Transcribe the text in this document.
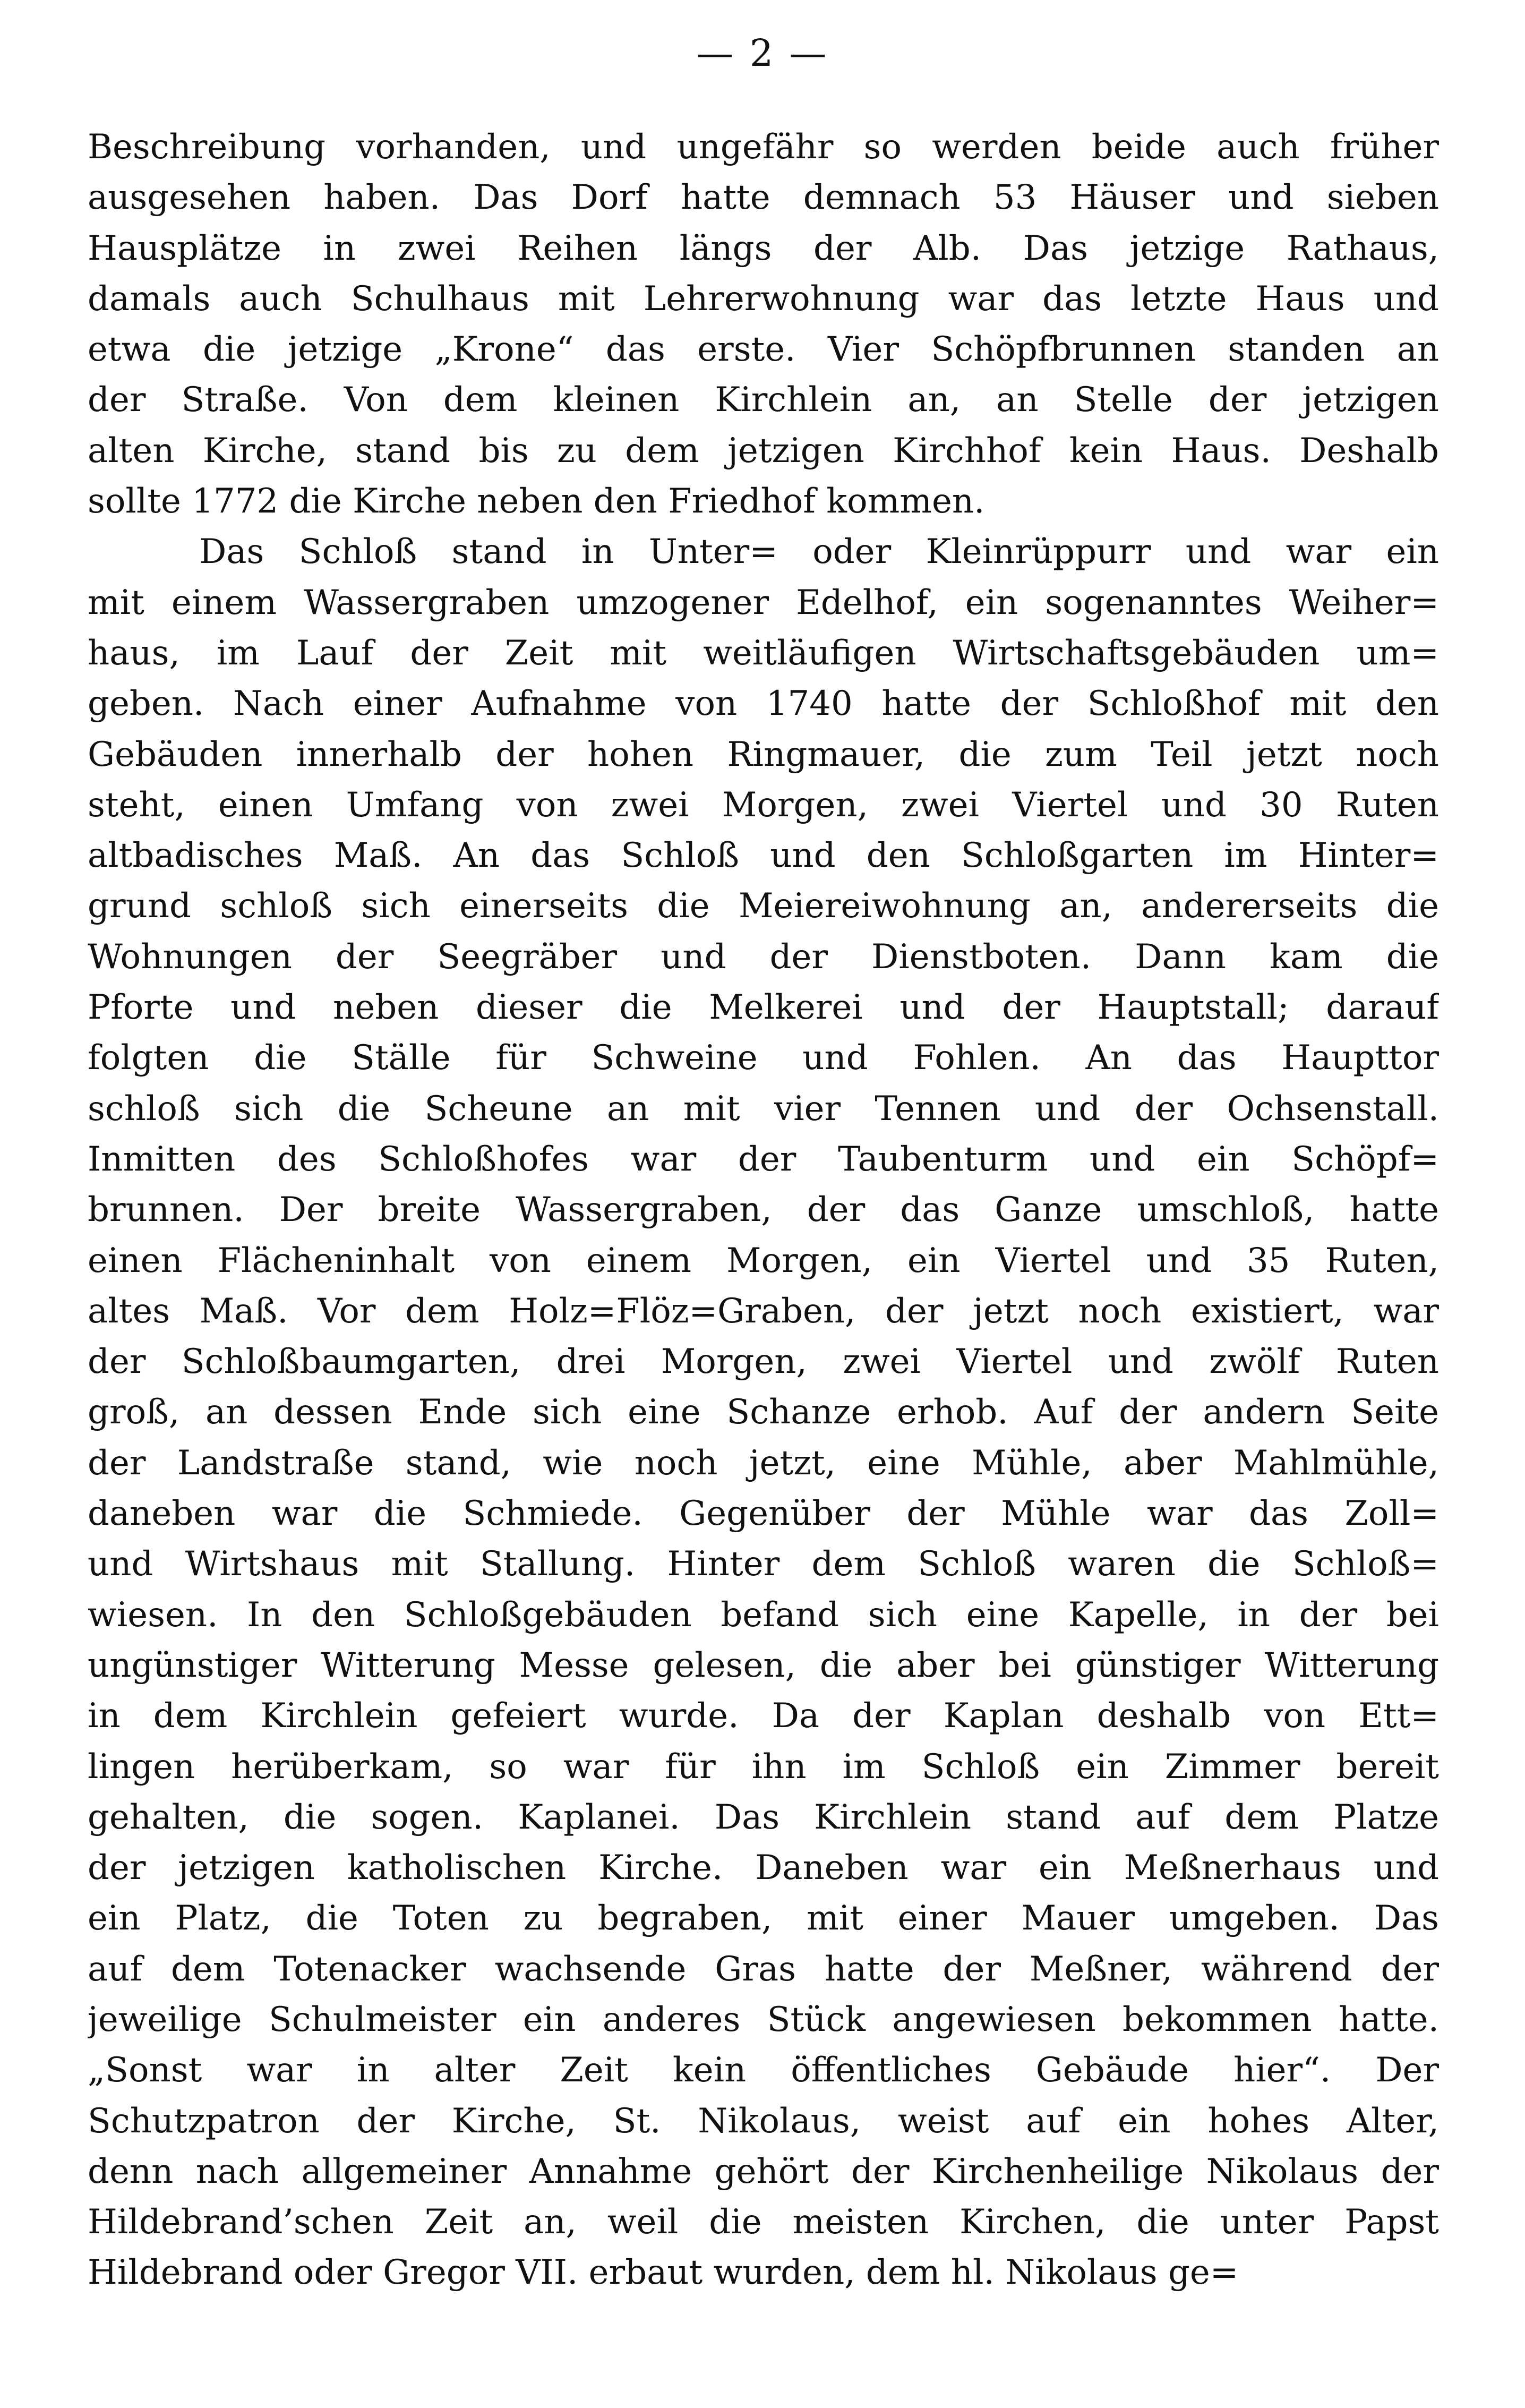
— 2 —
Beschreibung vorhanden, und ungefähr so werden beide auch früher
ausgesehen haben. Das Dorf hatte demnach 53 Häuser und sieben
Hausplätze in zwei Reihen längs der Alb. Das jetzige Rathaus,
damals auch Schulhaus mit Lehrerwohnung war das letzte Haus und
etwa die jetzige „Krone“ das erste. Vier Schöpfbrunnen standen an
der Straße. Von dem kleinen Kirchlein an, an Stelle der jetzigen
alten Kirche, stand bis zu dem jetzigen Kirchhof kein Haus. Deshalb
sollte 1772 die Kirche neben den Friedhof kommen.
Das Schloß stand in Unter= oder Kleinrüppurr und war ein
mit einem Wassergraben umzogener Edelhof, ein sogenanntes Weiher=
haus, im Lauf der Zeit mit weitläufigen Wirtschaftsgebäuden um=
geben. Nach einer Aufnahme von 1740 hatte der Schloßhof mit den
Gebäuden innerhalb der hohen Ringmauer, die zum Teil jetzt noch
steht, einen Umfang von zwei Morgen, zwei Viertel und 30 Ruten
altbadisches Maß. An das Schloß und den Schloßgarten im Hinter=
grund schloß sich einerseits die Meiereiwohnung an, andererseits die
Wohnungen der Seegräber und der Dienstboten. Dann kam die
Pforte und neben dieser die Melkerei und der Hauptstall; darauf
folgten die Ställe für Schweine und Fohlen. An das Haupttor
schloß sich die Scheune an mit vier Tennen und der Ochsenstall.
Inmitten des Schloßhofes war der Taubenturm und ein Schöpf=
brunnen. Der breite Wassergraben, der das Ganze umschloß, hatte
einen Flächeninhalt von einem Morgen, ein Viertel und 35 Ruten,
altes Maß. Vor dem Holz=Flöz=Graben, der jetzt noch existiert, war
der Schloßbaumgarten, drei Morgen, zwei Viertel und zwölf Ruten
groß, an dessen Ende sich eine Schanze erhob. Auf der andern Seite
der Landstraße stand, wie noch jetzt, eine Mühle, aber Mahlmühle,
daneben war die Schmiede. Gegenüber der Mühle war das Zoll=
und Wirtshaus mit Stallung. Hinter dem Schloß waren die Schloß=
wiesen. In den Schloßgebäuden befand sich eine Kapelle, in der bei
ungünstiger Witterung Messe gelesen, die aber bei günstiger Witterung
in dem Kirchlein gefeiert wurde. Da der Kaplan deshalb von Ett=
lingen herüberkam, so war für ihn im Schloß ein Zimmer bereit
gehalten, die sogen. Kaplanei. Das Kirchlein stand auf dem Platze
der jetzigen katholischen Kirche. Daneben war ein Meßnerhaus und
ein Platz, die Toten zu begraben, mit einer Mauer umgeben. Das
auf dem Totenacker wachsende Gras hatte der Meßner, während der
jeweilige Schulmeister ein anderes Stück angewiesen bekommen hatte.
„Sonst war in alter Zeit kein öffentliches Gebäude hier“. Der
Schutzpatron der Kirche, St. Nikolaus, weist auf ein hohes Alter,
denn nach allgemeiner Annahme gehört der Kirchenheilige Nikolaus der
Hildebrand’schen Zeit an, weil die meisten Kirchen, die unter Papst
Hildebrand oder Gregor VII. erbaut wurden, dem hl. Nikolaus ge=
